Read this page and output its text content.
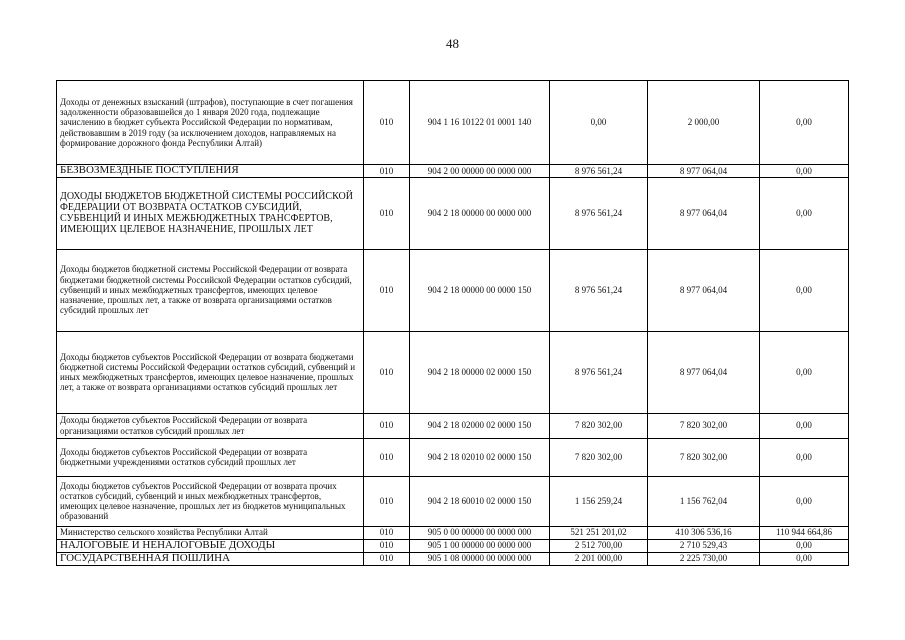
48
Доходы от денежных взысканий (штрафов), поступающие в счет погашения задолженности образовавшейся до 1 января 2020 года, подлежащие зачислению в бюджет субъекта Российской Федерации по нормативам, действовавшим в 2019 году (за исключением доходов, направляемых на формирование дорожного фонда Республики Алтай)	010	904 1 16 10122 01 0001 140	0,00	2 000,00	0,00
БЕЗВОЗМЕЗДНЫЕ ПОСТУПЛЕНИЯ	010	904 2 00 00000 00 0000 000	8 976 561,24	8 977 064,04	0,00
ДОХОДЫ БЮДЖЕТОВ БЮДЖЕТНОЙ СИСТЕМЫ РОССИЙСКОЙ ФЕДЕРАЦИИ ОТ ВОЗВРАТА ОСТАТКОВ СУБСИДИЙ, СУБВЕНЦИЙ И ИНЫХ МЕЖБЮДЖЕТНЫХ ТРАНСФЕРТОВ, ИМЕЮЩИХ ЦЕЛЕВОЕ НАЗНАЧЕНИЕ, ПРОШЛЫХ ЛЕТ	010	904 2 18 00000 00 0000 000	8 976 561,24	8 977 064,04	0,00
Доходы бюджетов бюджетной системы Российской Федерации от возврата бюджетами бюджетной системы Российской Федерации остатков субсидий, субвенций и иных межбюджетных трансфертов, имеющих целевое назначение, прошлых лет, а также от возврата организациями остатков субсидий прошлых лет	010	904 2 18 00000 00 0000 150	8 976 561,24	8 977 064,04	0,00
Доходы бюджетов субъектов Российской Федерации от возврата бюджетами бюджетной системы Российской Федерации остатков субсидий, субвенций и иных межбюджетных трансфертов, имеющих целевое назначение, прошлых лет, а также от возврата организациями остатков субсидий прошлых лет	010	904 2 18 00000 02 0000 150	8 976 561,24	8 977 064,04	0,00
Доходы бюджетов субъектов Российской Федерации от возврата организациями остатков субсидий прошлых лет	010	904 2 18 02000 02 0000 150	7 820 302,00	7 820 302,00	0,00
Доходы бюджетов субъектов Российской Федерации от возврата бюджетными учреждениями остатков субсидий прошлых лет	010	904 2 18 02010 02 0000 150	7 820 302,00	7 820 302,00	0,00
Доходы бюджетов субъектов Российской Федерации от возврата прочих остатков субсидий, субвенций и иных межбюджетных трансфертов, имеющих целевое назначение, прошлых лет из бюджетов муниципальных образований	010	904 2 18 60010 02 0000 150	1 156 259,24	1 156 762,04	0,00
Министерство сельского хозяйства Республики Алтай	010	905 0 00 00000 00 0000 000	521 251 201,02	410 306 536,16	110 944 664,86
НАЛОГОВЫЕ И НЕНАЛОГОВЫЕ ДОХОДЫ	010	905 1 00 00000 00 0000 000	2 512 700,00	2 710 529,43	0,00
ГОСУДАРСТВЕННАЯ ПОШЛИНА	010	905 1 08 00000 00 0000 000	2 201 000,00	2 225 730,00	0,00
